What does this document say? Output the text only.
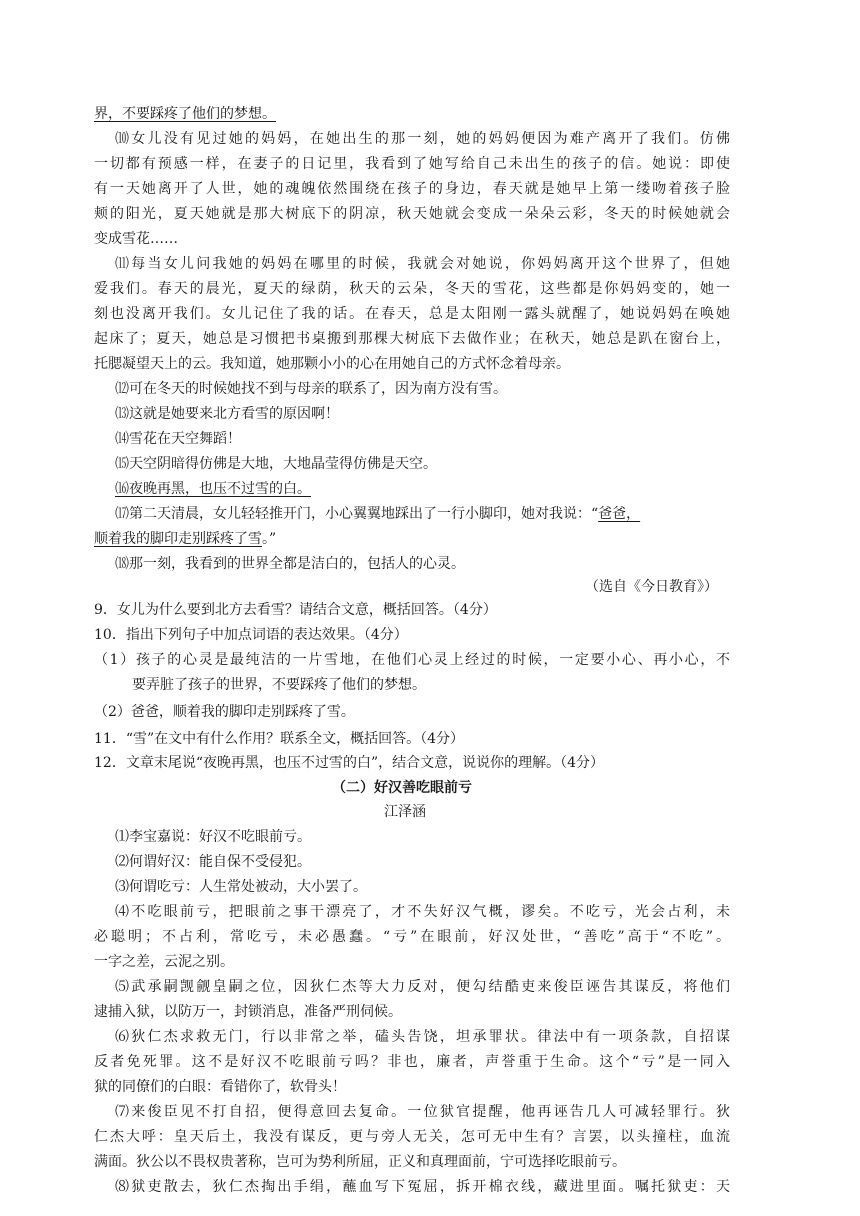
界，不要踩疼了他们的梦想。
⑽女儿没有见过她的妈妈，在她出生的那一刻，她的妈妈便因为难产离开了我们。仿佛
一切都有预感一样，在妻子的日记里，我看到了她写给自己未出生的孩子的信。她说：即使
有一天她离开了人世，她的魂魄依然围绕在孩子的身边，春天就是她早上第一缕吻着孩子脸
颊的阳光，夏天她就是那大树底下的阴凉，秋天她就会变成一朵朵云彩，冬天的时候她就会
变成雪花……
⑾每当女儿问我她的妈妈在哪里的时候，我就会对她说，你妈妈离开这个世界了，但她
爱我们。春天的晨光，夏天的绿荫，秋天的云朵，冬天的雪花，这些都是你妈妈变的，她一
刻也没离开我们。女儿记住了我的话。在春天，总是太阳刚一露头就醒了，她说妈妈在唤她
起床了；夏天，她总是习惯把书桌搬到那棵大树底下去做作业；在秋天，她总是趴在窗台上，
托腮凝望天上的云。我知道，她那颗小小的心在用她自己的方式怀念着母亲。
⑿可在冬天的时候她找不到与母亲的联系了，因为南方没有雪。
⒀这就是她要来北方看雪的原因啊！
⒁雪花在天空舞蹈！
⒂天空阴暗得仿佛是大地，大地晶莹得仿佛是天空。
⒃夜晚再黑，也压不过雪的白。
⒄第二天清晨，女儿轻轻推开门，小心翼翼地踩出了一行小脚印，她对我说：“爸爸，
顺着我的脚印走别踩疼了雪。”
⒅那一刻，我看到的世界全都是洁白的，包括人的心灵。
（选自《今日教育》）
9．女儿为什么要到北方去看雪？请结合文意，概括回答。（4分）
10．指出下列句子中加点词语的表达效果。（4分）
（1）孩子的心灵是最纯洁的一片雪地，在他们心灵上经过的时候，一定要小心、再小心，不
要弄脏了孩子的世界，不要踩疼了他们的梦想。
（2）爸爸，顺着我的脚印走别踩疼了雪。
11．“雪”在文中有什么作用？联系全文，概括回答。（4分）
12．文章末尾说“夜晚再黑，也压不过雪的白”，结合文意，说说你的理解。（4分）
（二）好汉善吃眼前亏
江泽涵
⑴李宝嘉说：好汉不吃眼前亏。
⑵何谓好汉：能自保不受侵犯。
⑶何谓吃亏：人生常处被动，大小罢了。
⑷不吃眼前亏，把眼前之事干漂亮了，才不失好汉气概，谬矣。不吃亏，光会占利，未
必聪明；不占利，常吃亏，未必愚蠢。“亏”在眼前，好汉处世，“善吃”高于“不吃”。
一字之差，云泥之别。
⑸武承嗣觊觎皇嗣之位，因狄仁杰等大力反对，便勾结酷吏来俊臣诬告其谋反，将他们
逮捕入狱，以防万一，封锁消息，准备严刑伺候。
⑹狄仁杰求救无门，行以非常之举，磕头告饶，坦承罪状。律法中有一项条款，自招谋
反者免死罪。这不是好汉不吃眼前亏吗？非也，廉者，声誉重于生命。这个“亏”是一同入
狱的同僚们的白眼：看错你了，软骨头！
⑺来俊臣见不打自招，便得意回去复命。一位狱官提醒，他再诬告几人可减轻罪行。狄
仁杰大呼：皇天后土，我没有谋反，更与旁人无关，怎可无中生有？言罢，以头撞柱，血流
满面。狄公以不畏权贵著称，岂可为势利所屈，正义和真理面前，宁可选择吃眼前亏。
⑻狱吏散去，狄仁杰掏出手绢，蘸血写下冤屈，拆开棉衣线，藏进里面。嘱托狱吏：天
